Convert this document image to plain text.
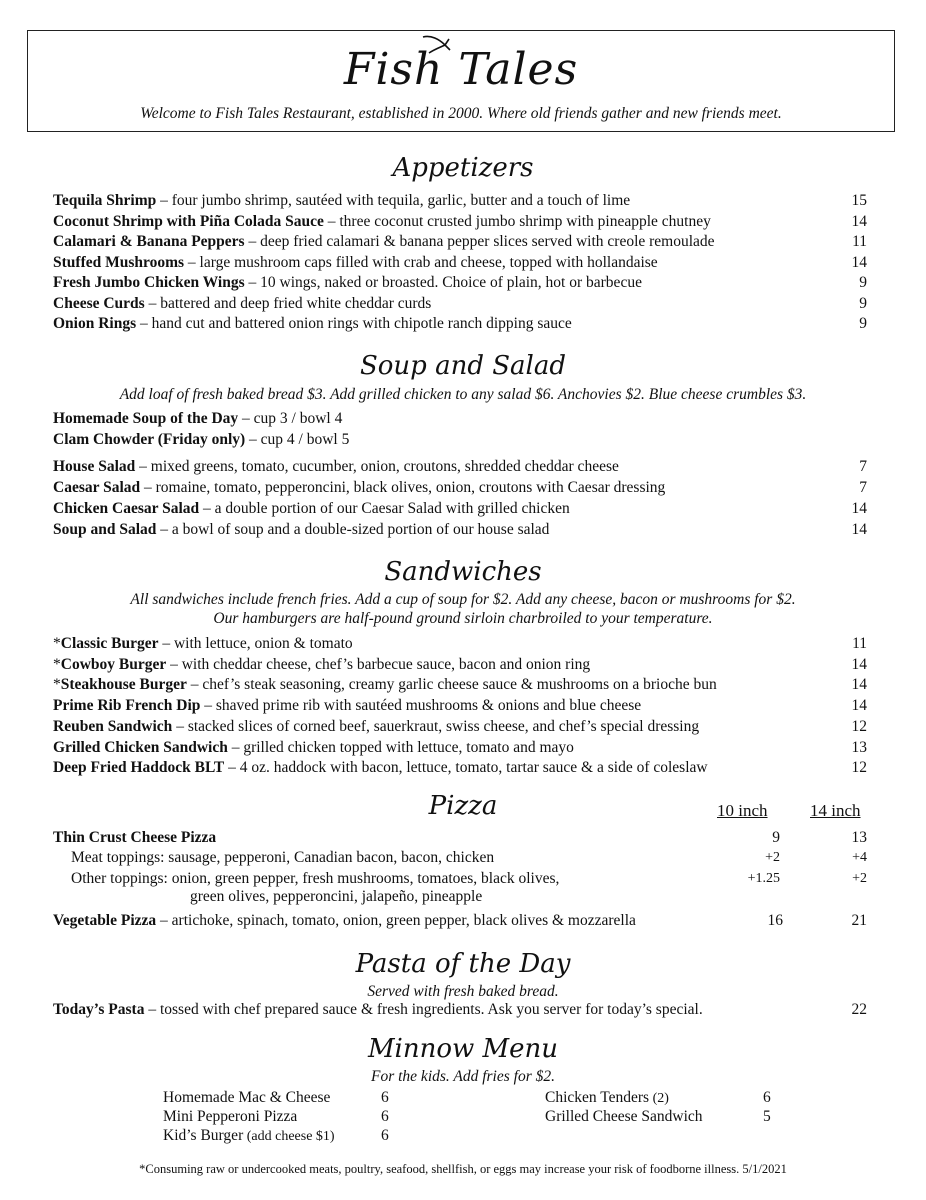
Fish Tales
Welcome to Fish Tales Restaurant, established in 2000. Where old friends gather and new friends meet.
Appetizers
Tequila Shrimp – four jumbo shrimp, sautéed with tequila, garlic, butter and a touch of lime	15
Coconut Shrimp with Piña Colada Sauce – three coconut crusted jumbo shrimp with pineapple chutney	14
Calamari & Banana Peppers – deep fried calamari & banana pepper slices served with creole remoulade	11
Stuffed Mushrooms – large mushroom caps filled with crab and cheese, topped with hollandaise	14
Fresh Jumbo Chicken Wings – 10 wings, naked or broasted. Choice of plain, hot or barbecue	9
Cheese Curds – battered and deep fried white cheddar curds	9
Onion Rings – hand cut and battered onion rings with chipotle ranch dipping sauce	9
Soup and Salad
Add loaf of fresh baked bread $3. Add grilled chicken to any salad $6. Anchovies $2. Blue cheese crumbles $3.
Homemade Soup of the Day – cup 3 / bowl 4
Clam Chowder (Friday only) – cup 4 / bowl 5
House Salad – mixed greens, tomato, cucumber, onion, croutons, shredded cheddar cheese	7
Caesar Salad – romaine, tomato, pepperoncini, black olives, onion, croutons with Caesar dressing	7
Chicken Caesar Salad – a double portion of our Caesar Salad with grilled chicken	14
Soup and Salad – a bowl of soup and a double-sized portion of our house salad	14
Sandwiches
All sandwiches include french fries. Add a cup of soup for $2. Add any cheese, bacon or mushrooms for $2.
Our hamburgers are half-pound ground sirloin charbroiled to your temperature.
*Classic Burger – with lettuce, onion & tomato	11
*Cowboy Burger – with cheddar cheese, chef’s barbecue sauce, bacon and onion ring	14
*Steakhouse Burger – chef’s steak seasoning, creamy garlic cheese sauce & mushrooms on a brioche bun	14
Prime Rib French Dip – shaved prime rib with sautéed mushrooms & onions and blue cheese	14
Reuben Sandwich – stacked slices of corned beef, sauerkraut, swiss cheese, and chef’s special dressing	12
Grilled Chicken Sandwich – grilled chicken topped with lettuce, tomato and mayo	13
Deep Fried Haddock BLT – 4 oz. haddock with bacon, lettuce, tomato, tartar sauce & a side of coleslaw	12
Pizza	10 inch 14 inch
Thin Crust Cheese Pizza	9	13
Meat toppings: sausage, pepperoni, Canadian bacon, bacon, chicken	+2	+4
Other toppings: onion, green pepper, fresh mushrooms, tomatoes, black olives,
green olives, pepperoncini, jalapeño, pineapple
+1.25	+2
Vegetable Pizza – artichoke, spinach, tomato, onion, green pepper, black olives & mozzarella	16	21
Pasta of the Day
Served with fresh baked bread.
Today’s Pasta – tossed with chef prepared sauce & fresh ingredients. Ask you server for today’s special.	22
Minnow Menu
For the kids. Add fries for $2.
Homemade Mac & Cheese	6
Mini Pepperoni Pizza	6
Kid’s Burger (add cheese $1)	6
Chicken Tenders (2)	6
Grilled Cheese Sandwich	5
*Consuming raw or undercooked meats, poultry, seafood, shellfish, or eggs may increase your risk of foodborne illness. 5/1/2021
